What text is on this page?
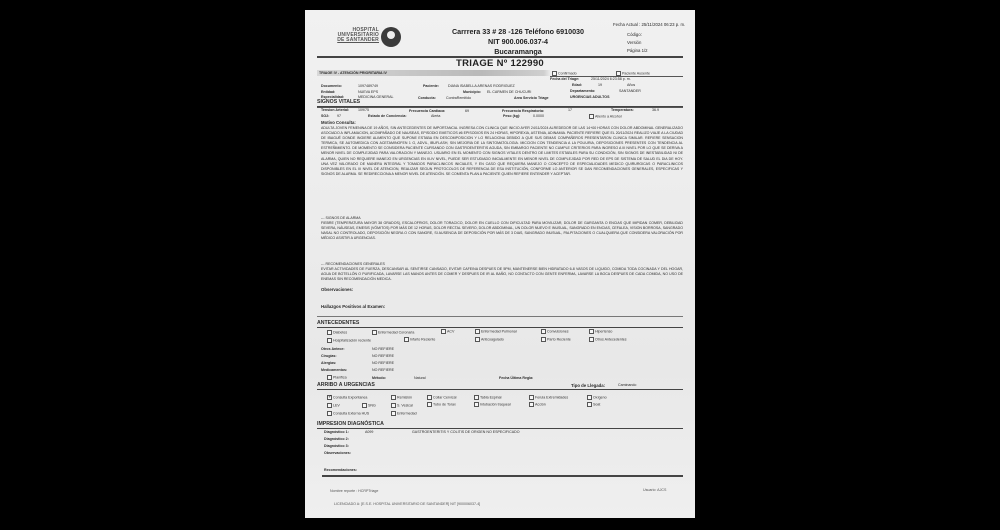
HOSPITAL
UNIVERSITARIO
DE SANTANDER
Carrrera 33 # 28 -126 Teléfono 6910030
NIT 900.006.037-4
Bucaramanga
Fecha Actual : 25/11/2024 06:23 p. m.
Código:
Versión
Página 1/2
TRIAGE Nº 122990
TRIAGE IV - ATENCIÓN PRIORITARIA IV	Confirmado	Paciente Ausente
Fecha del Triage:	25/11/2024 6:23:58 p. m.
Documento:	1097489749	Paciente:	DIANA ISABELLA ARENAS RODRIGUEZ	Edad:	19	Años
Entidad:	NUEVA EPS	Municipio: EL CARMEN DE CHUCURI	Departamento:	SANTANDER
Especialidad:	MEDICINA GENERAL	Conducta:	ContraRemitido	Area Servicio Triage	URGENCIAS ADULTOS
SIGNOS VITALES
Tension Arterial: 109/75	Frecuencia Cardiaca:	69	Frecuencia Respiratoria:	17	Temperatura:	36.9
SO2: 97	Estado de Conciencia:	Alerta	Peso (kg):	0.0000	Aliento a Alcohol
Motivo Consulta:
ADULTA JOVEN FEMENINA DE 19 AÑOS, SIN ANTECEDENTES DE IMPORTANCIA. INGRESA CON CLINICA QUE INICIO AYER 24/11/2024 ALREDEDOR DE LAS 14+00 HORAS CON DOLOR ABDOMINAL GENERALIZADO ASOCIADO A INFLAMACION, ACOMPAÑADO DE NAUSEAS, EPISODIO EMETICOS #6 EPISODIOS EN 24 HORAS, HIPOREXIA, ASTENIA, ADINAMIA. PACIENTE REFIERE QUE EL 20/11/2024 REALIZO VIAJE A LA CIUDAD DE IBAGUÉ DONDE INGIERE ALIMENTO QUE SUPONE ESTABA EN DESCOMPOSICION Y LO RELACIONA DEBIDO A QUE SUS DEMAS COMPAÑEROS PRESENTARON CLINICA SIMILAR. REFIERE SENSACION TERMICA, SE AUTOMEDICA CON ACETAMINOFEN 1 G, ADVIL, IBUFLASH, SIN MEJORIA DE LA SINTOMATOLOGIA. MICCION CON TENDENCIA A LA POLIURIA, DEPOSICIONES PRESENTES CON TENDENCIA AL ESTREÑIMIENTO. DE MOMENTO SE CONSIDERA PACIENTE CURSANDO CON GASTROENTERITIS AGUDA, SIN EMBARGO PACIENTE NO CUMPLE CRITERIOS PARA INGRESO A III NIVEL POR LO QUE SE DERIVA A MENOR NIVEL DE COMPLEJIDAD PARA VALORACION Y MANEJO. USUARIO EN EL MOMENTO CON SIGNOS VITALES DENTRO DE LIMITES ESTABLES PARA SU CONDICIÓN, SIN SIGNOS DE INESTABILIDAD NI DE ALARMA, QUIEN NO REQUIERE MANEJO EN URGENCIAS EN III-IV NIVEL, PUEDE SER ESTUDIADO INICIALMENTE EN MENOR NIVEL DE COMPLEJIDAD POR RED DE EPS DE SISTEMA DE SALUD EL DIA DE HOY. UNA VEZ VALORADO DE MANERA INTEGRAL Y TOMADOS PARACLINICOS INICIALES, Y EN CASO QUE REQUIERA MANEJO O CONCEPTO DE ESPECIALIDADES MEDICO QUIRURGICAS O PARACLINICOS DISPONIBLES EN EL III NIVEL DE ATENCION, REALIZAR SEGUN PROTOCOLOS DE REFERENCIA DE ESA INSTITUCIÓN, CONFORME LO ANTERIOR SE DAN RECOMENDACIONES GENERALES, ESPECIFICAS Y SIGNOS DE ALARMA. SE REDIRECCIONA A MENOR NIVEL DE ATENCIÓN. SE COMENTA PLAN A PACIENTE QUIEN REFIERE ENTENDER Y ACEPTAR.
--- SIGNOS DE ALARMA
FIEBRE (TEMPERATURA MAYOR 38 GRADOS), ESCALOFRIOS, DOLOR TORACICO, DOLOR EN CUELLO CON DIFICULTAD PARA MOVILIZAR, DOLOR DE GARGANTA O ENCIAS QUE IMPIDAN COMER, DEBILIDAD SEVERA, NÁUSEAS, EMESIS (VÓMITOS) POR MÁS DE 12 HORAS, DOLOR RECTAL SEVERO, DOLOR ABDOMINAL, UN DOLOR NUEVO E INUSUAL, SANGRADO EN ENCIAS, CEFALEA, VISION BORROSA, SANGRADO NASAL NO CONTROLADO, DEPOSICIÓN NEGRA O CON SANGRE, SI AUSENCIA DE DEPOSICIÓN POR MÁS DE 3 DIAS, SANGRADO INUSUAL, PALPITACIONES O CUALQUIERA QUE CONSIDERA VALORACIÓN POR MÉDICO ASISTIR A URGENCIAS.
--- RECOMENDACIONES GENERALES
EVITAR ACTIVIDADES DE FUERZA, DESCANSAR AL SENTIRSE CANSADO, EVITAR CAFEINA DESPUES DE 5PM, MANTENERSE BIEN HIDRATADO 6-8 VASOS DE LIQUIDO, COMIDA TODA COCINADA Y DEL HOGAR, AGUA DE BOTELLÓN O PURIFICADA, LAVARSE LAS MANOS ANTES DE COMER Y DESPUES DE IR AL BAÑO, NO CONTACTO CON GENTE ENFERMA, LAVARSE LA BOCA DESPUES DE CADA COMIDA, NO USO DE ENEMAS SIN RECOMENDACIÓN MEDICA.
Observaciones:
Hallazgos Positivos al Examen:
ANTECEDENTES
Diabetes	Enfermedad Coronaria	ACV	Enfermedad Pulmonar	Convulsiones	Hipertenso
Hospitalización reciente	Infarto Reciente	Anticoagulado	Parto Reciente	Otros Antecedentes
Otros Antece:	NO REFIERE
Cirugías:	NO REFIERE
Alergias:	NO REFIERE
Medicamentos:	NO REFIERE
Planifica	Método:	Natural	Fecha Última Regla:
ARRIBO A URGENCIAS	Tipo de Llegada:	Caminando
✓Consulta Expontanea	Remisión	Collar Cervical	Tabla Espinal	Ferula Extremidades	Oxígeno
LEV	SNG	S. Vesical	Tubo de Torax	Intubación traqueal	Acción	Soat
Consulta Externa HUS	Enfermedad
IMPRESION DIAGNÓSTICA
Diagnóstico 1:	A099	GASTROENTERITIS Y COLITIS DE ORIGEN NO ESPECIFICADO
Diagnóstico 2:
Diagnóstico 3:
Observaciones:
Recomendaciones:
Nombre reporte : HCRPTriage	Usuario: AJCS
LICENCIADO A: [E.S.E. HOSPITAL UNIVERSITARIO DE SANTANDER] NIT [900006037-4]
